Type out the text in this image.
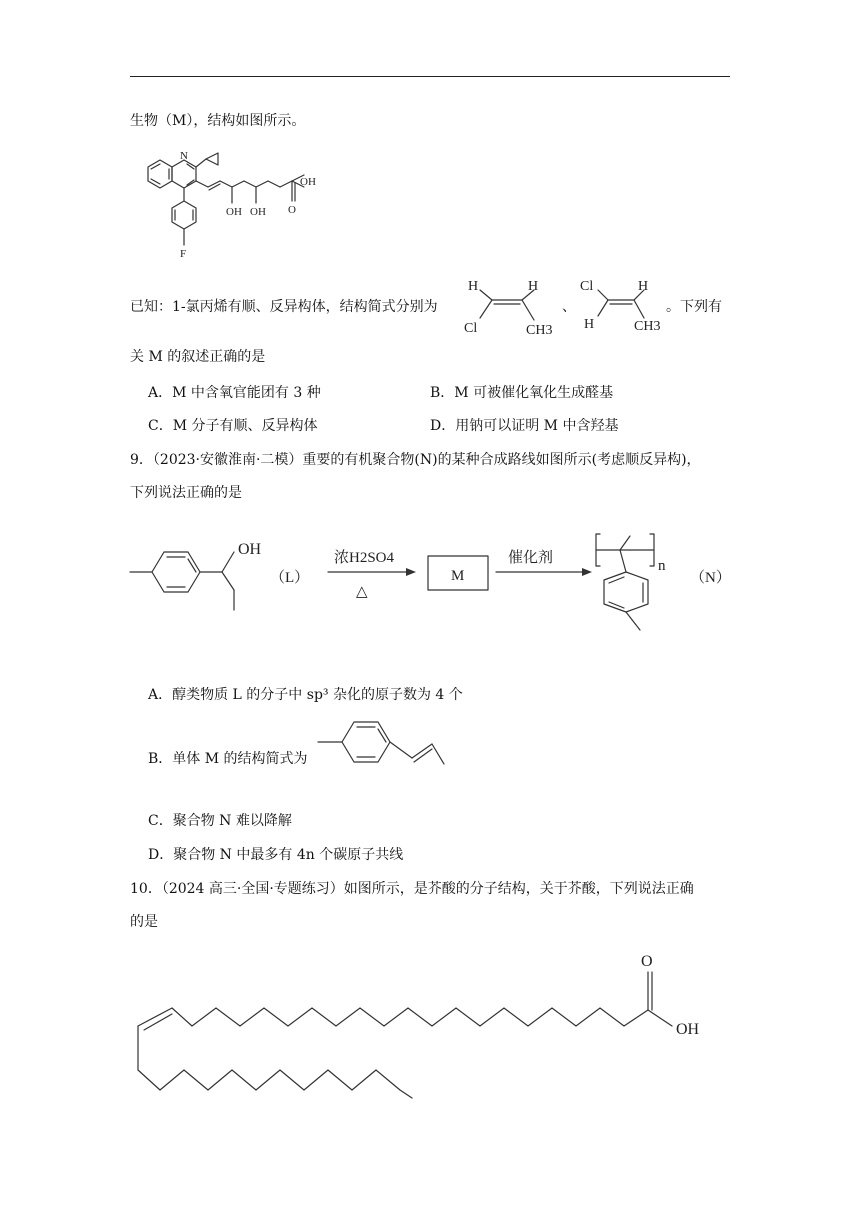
生物（M），结构如图所示。
N
OH
OH OH O
F
已知：1-氯丙烯有顺、反异构体，结构简式分别为
H	H
Cl	CH3
、
Cl	H
H	CH3
。下列有
关 M 的叙述正确的是
A．M 中含氧官能团有 3 种	B．M 可被催化氧化生成醛基
C．M 分子有顺、反异构体	D．用钠可以证明 M 中含羟基
9．（2023·安徽淮南·二模）重要的有机聚合物(N)的某种合成路线如图所示(考虑顺反异构)，
下列说法正确的是
OH
（L）
浓H2SO4
△
M
催化剂	n
（N）
A．醇类物质 L 的分子中 sp³ 杂化的原子数为 4 个
B．单体 M 的结构简式为
C．聚合物 N 难以降解
D．聚合物 N 中最多有 4n 个碳原子共线
10．（2024 高三·全国·专题练习）如图所示，是芥酸的分子结构，关于芥酸，下列说法正确
的是
O
OH
